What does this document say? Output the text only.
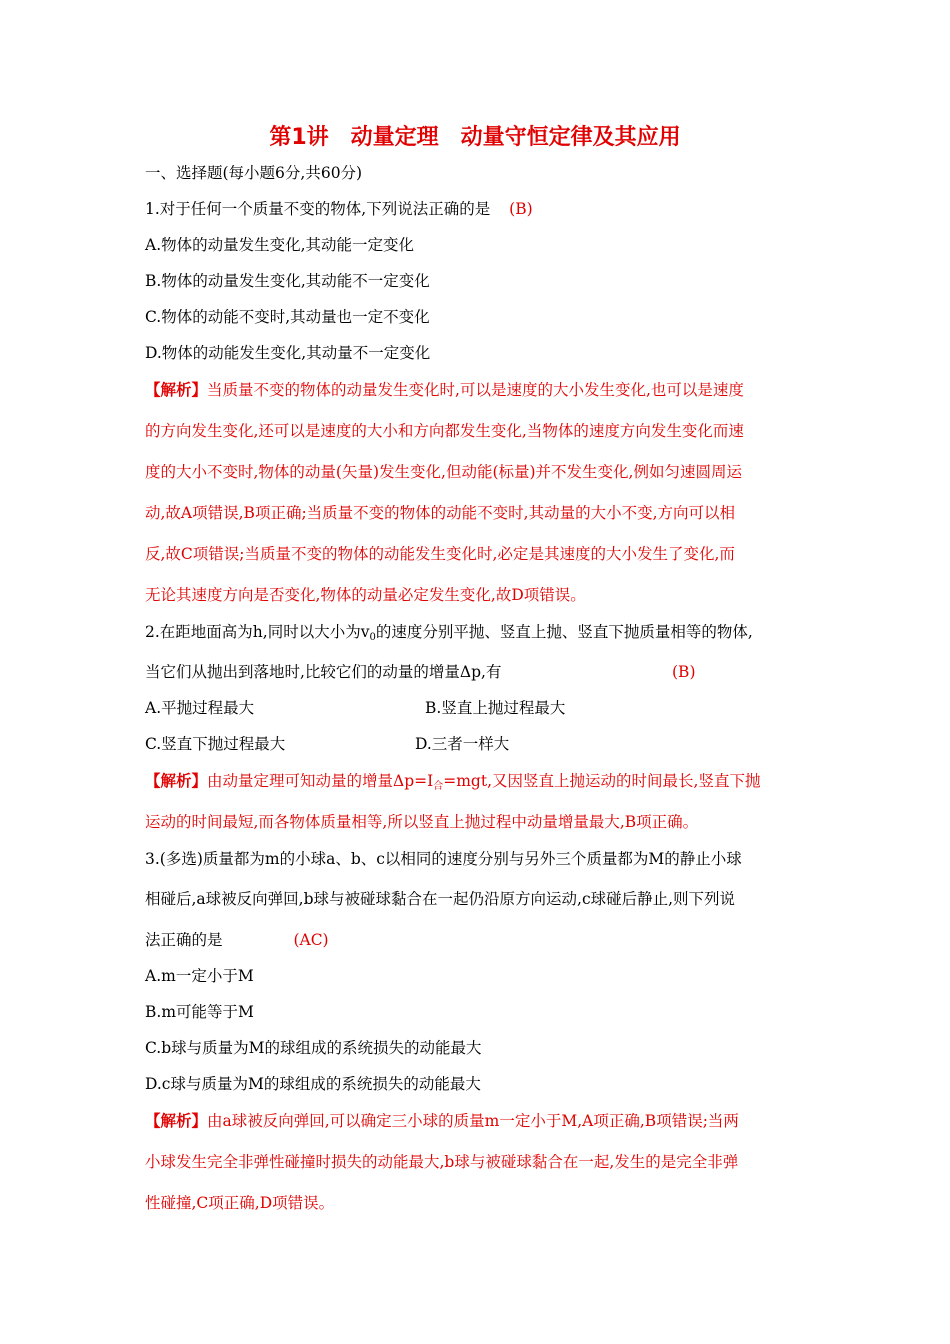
第1讲　动量定理　动量守恒定律及其应用
一、选择题(每小题6分,共60分)
1.对于任何一个质量不变的物体,下列说法正确的是 (B)
A.物体的动量发生变化,其动能一定变化
B.物体的动量发生变化,其动能不一定变化
C.物体的动能不变时,其动量也一定不变化
D.物体的动能发生变化,其动量不一定变化
【解析】当质量不变的物体的动量发生变化时,可以是速度的大小发生变化,也可以是速度
的方向发生变化,还可以是速度的大小和方向都发生变化,当物体的速度方向发生变化而速
度的大小不变时,物体的动量(矢量)发生变化,但动能(标量)并不发生变化,例如匀速圆周运
动,故A项错误,B项正确;当质量不变的物体的动能不变时,其动量的大小不变,方向可以相
反,故C项错误;当质量不变的物体的动能发生变化时,必定是其速度的大小发生了变化,而
无论其速度方向是否变化,物体的动量必定发生变化,故D项错误。
2.在距地面高为h,同时以大小为$v_0$的速度分别平抛、竖直上抛、竖直下抛质量相等的物体,
当它们从抛出到落地时,比较它们的动量的增量Δp,有	(B)
A.平抛过程最大	B.竖直上抛过程最大
C.竖直下抛过程最大	D.三者一样大
【解析】由动量定理可知动量的增量$\Delta p=I_合=mgt$,又因竖直上抛运动的时间最长,竖直下抛
运动的时间最短,而各物体质量相等,所以竖直上抛过程中动量增量最大,B项正确。
3.(多选)质量都为m的小球a、b、c以相同的速度分别与另外三个质量都为M的静止小球
相碰后,a球被反向弹回,b球与被碰球黏合在一起仍沿原方向运动,c球碰后静止,则下列说
法正确的是	(AC)
A.m一定小于M
B.m可能等于M
C.b球与质量为M的球组成的系统损失的动能最大
D.c球与质量为M的球组成的系统损失的动能最大
【解析】由a球被反向弹回,可以确定三小球的质量m一定小于M,A项正确,B项错误;当两
小球发生完全非弹性碰撞时损失的动能最大,b球与被碰球黏合在一起,发生的是完全非弹
性碰撞,C项正确,D项错误。
